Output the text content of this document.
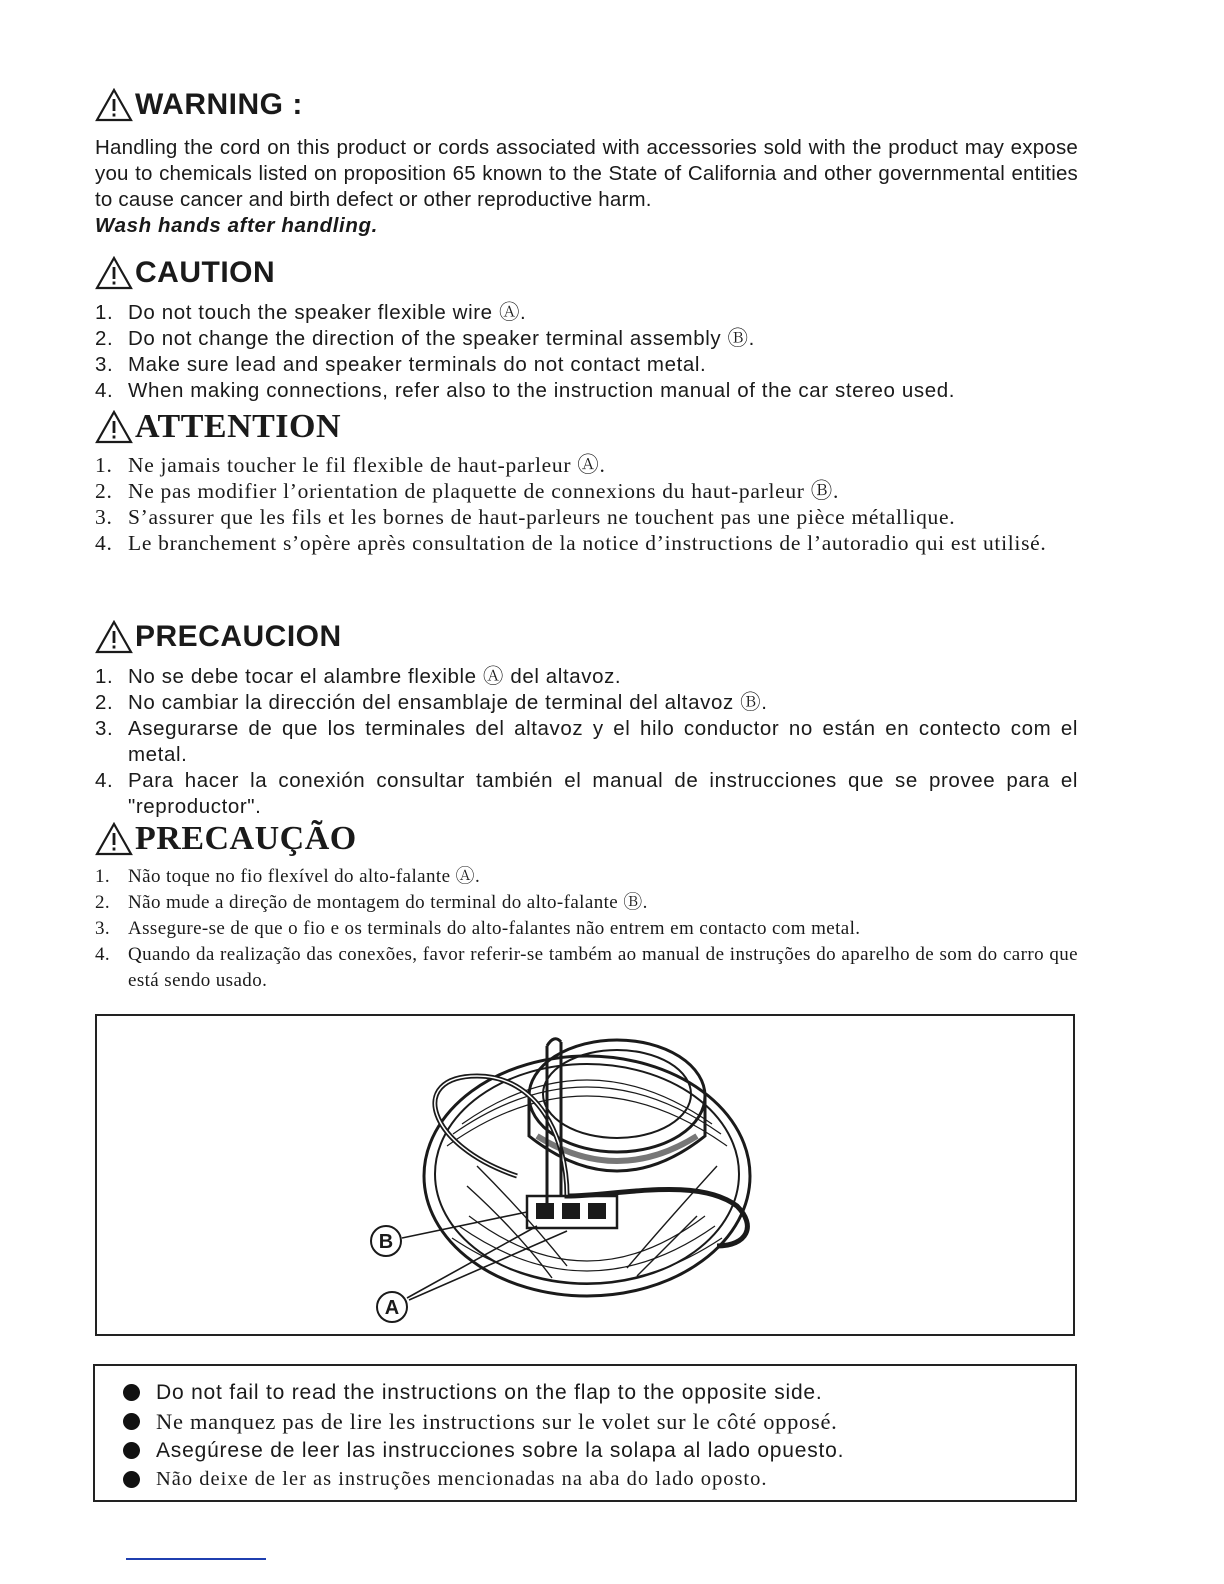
WARNING :

Handling the cord on this product or cords associated with accessories sold with the product may expose you to chemicals listed on proposition 65 known to the State of California and other governmental entities to cause cancer and birth defect or other reproductive harm.
Wash hands after handling.

CAUTION
1. Do not touch the speaker flexible wire Ⓐ.
2. Do not change the direction of the speaker terminal assembly Ⓑ.
3. Make sure lead and speaker terminals do not contact metal.
4. When making connections, refer also to the instruction manual of the car stereo used.
ATTENTION
1. Ne jamais toucher le fil flexible de haut-parleur Ⓐ.
2. Ne pas modifier l’orientation de plaquette de connexions du haut-parleur Ⓑ.
3. S’assurer que les fils et les bornes de haut-parleurs ne touchent pas une pièce métallique.
4. Le branchement s’opère après consultation de la notice d’instructions de l’autoradio qui est utilisé.
PRECAUCION
1. No se debe tocar el alambre flexible Ⓐ del altavoz.
2. No cambiar la dirección del ensamblaje de terminal del altavoz Ⓑ.
3. Asegurarse de que los terminales del altavoz y el hilo conductor no están en contecto com el metal.
4. Para hacer la conexión consultar también el manual de instrucciones que se provee para el "reproductor".
PRECAUÇÃO
1. Não toque no fio flexível do alto-falante Ⓐ.
2. Não mude a direção de montagem do terminal do alto-falante Ⓑ.
3. Assegure-se de que o fio e os terminals do alto-falantes não entrem em contacto com metal.
4. Quando da realização das conexões, favor referir-se também ao manual de instruções do aparelho de som do carro que está sendo usado.
B
A
Do not fail to read the instructions on the flap to the opposite side.
Ne manquez pas de lire les instructions sur le volet sur le côté opposé.
Asegúrese de leer las instrucciones sobre la solapa al lado opuesto.
Não deixe de ler as instruções mencionadas na aba do lado oposto.
